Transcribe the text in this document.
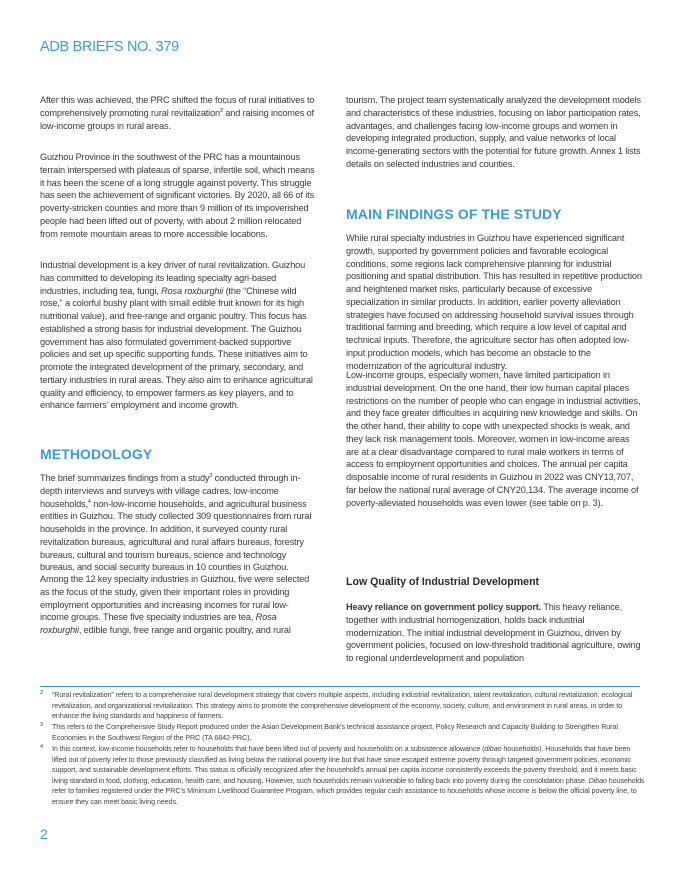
ADB BRIEFS NO. 379

After this was achieved, the PRC shifted the focus of rural initiatives to comprehensively promoting rural revitalization$^2$ and raising incomes of low-income groups in rural areas.

Guizhou Province in the southwest of the PRC has a mountainous terrain interspersed with plateaus of sparse, infertile soil, which means it has been the scene of a long struggle against poverty. This struggle has seen the achievement of significant victories. By 2020, all 66 of its poverty-stricken counties and more than 9 million of its impoverished people had been lifted out of poverty, with about 2 million relocated from remote mountain areas to more accessible locations.

Industrial development is a key driver of rural revitalization. Guizhou has committed to developing its leading specialty agri-based industries, including tea, fungi, Rosa roxburghii (the “Chinese wild rose,” a colorful bushy plant with small edible fruit known for its high nutritional value), and free-range and organic poultry. This focus has established a strong basis for industrial development. The Guizhou government has also formulated government-backed supportive policies and set up specific supporting funds. These initiatives aim to promote the integrated development of the primary, secondary, and tertiary industries in rural areas. They also aim to enhance agricultural quality and efficiency, to empower farmers as key players, and to enhance farmers’ employment and income growth.

METHODOLOGY

The brief summarizes findings from a study$^3$ conducted through in-depth interviews and surveys with village cadres, low-income households,$^4$ non-low-income households, and agricultural business entities in Guizhou. The study collected 309 questionnaires from rural households in the province. In addition, it surveyed county rural revitalization bureaus, agricultural and rural affairs bureaus, forestry bureaus, cultural and tourism bureaus, science and technology bureaus, and social security bureaus in 10 counties in Guizhou.

Among the 12 key specialty industries in Guizhou, five were selected as the focus of the study, given their important roles in providing employment opportunities and increasing incomes for rural low-income groups. These five specialty industries are tea, Rosa roxburghii, edible fungi, free range and organic poultry, and rural

tourism. The project team systematically analyzed the development models and characteristics of these industries, focusing on labor participation rates, advantages, and challenges facing low-income groups and women in developing integrated production, supply, and value networks of local income-generating sectors with the potential for future growth. Annex 1 lists details on selected industries and counties.

MAIN FINDINGS OF THE STUDY

While rural specialty industries in Guizhou have experienced significant growth, supported by government policies and favorable ecological conditions, some regions lack comprehensive planning for industrial positioning and spatial distribution. This has resulted in repetitive production and heightened market risks, particularly because of excessive specialization in similar products. In addition, earlier poverty alleviation strategies have focused on addressing household survival issues through traditional farming and breeding, which require a low level of capital and technical inputs. Therefore, the agriculture sector has often adopted low-input production models, which has become an obstacle to the modernization of the agricultural industry.

Low-income groups, especially women, have limited participation in industrial development. On the one hand, their low human capital places restrictions on the number of people who can engage in industrial activities, and they face greater difficulties in acquiring new knowledge and skills. On the other hand, their ability to cope with unexpected shocks is weak, and they lack risk management tools. Moreover, women in low-income areas are at a clear disadvantage compared to rural male workers in terms of access to employment opportunities and choices. The annual per capita disposable income of rural residents in Guizhou in 2022 was CNY13,707, far below the national rural average of CNY20,134. The average income of poverty-alleviated households was even lower (see table on p. 3).

Low Quality of Industrial Development

Heavy reliance on government policy support. This heavy reliance, together with industrial homogenization, holds back industrial modernization. The initial industrial development in Guizhou, driven by government policies, focused on low-threshold traditional agriculture, owing to regional underdevelopment and population

2 “Rural revitalization” refers to a comprehensive rural development strategy that covers multiple aspects, including industrial revitalization, talent revitalization, cultural revitalization, ecological revitalization, and organizational revitalization. This strategy aims to promote the comprehensive development of the economy, society, culture, and environment in rural areas, in order to enhance the living standards and happiness of farmers.
3 This refers to the Comprehensive Study Report produced under the Asian Development Bank’s technical assistance project, Policy Research and Capacity Building to Strengthen Rural Economies in the Southwest Region of the PRC (TA 6842-PRC).
4 In this context, low-income households refer to households that have been lifted out of poverty and households on a subsistence allowance (dibao households). Households that have been lifted out of poverty refer to those previously classified as living below the national poverty line but that have since escaped extreme poverty through targeted government policies, economic support, and sustainable development efforts. This status is officially recognized after the household’s annual per capita income consistently exceeds the poverty threshold, and it meets basic living standard in food, clothing, education, health care, and housing. However, such households remain vulnerable to falling back into poverty during the consolidation phase. Dibao households refer to families registered under the PRC’s Minimum Livelihood Guarantee Program, which provides regular cash assistance to households whose income is below the official poverty line, to ensure they can meet basic living needs.
2
